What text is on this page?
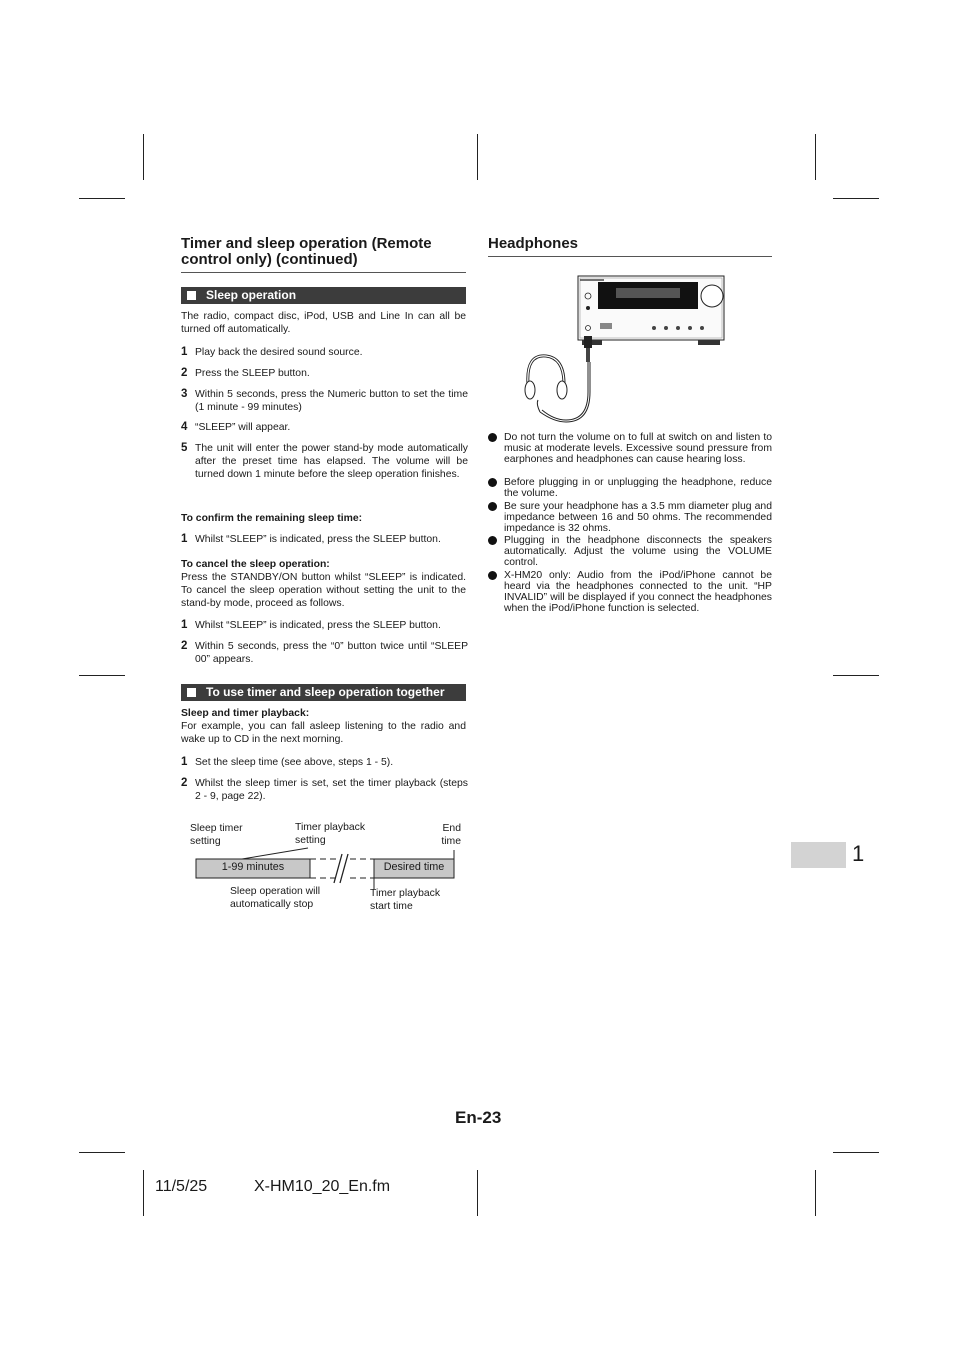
Timer and sleep operation (Remote
control only) (continued)

Sleep operation

The radio, compact disc, iPod, USB and Line In can all be turned off automatically.

1 Play back the desired sound source.
2 Press the SLEEP button.
3 Within 5 seconds, press the Numeric button to set the time (1 minute - 99 minutes)
4 “SLEEP” will appear.
5 The unit will enter the power stand-by mode automatically after the preset time has elapsed. The volume will be turned down 1 minute before the sleep operation finishes.

To confirm the remaining sleep time:

1 Whilst “SLEEP” is indicated, press the SLEEP button.

To cancel the sleep operation:

Press the STANDBY/ON button whilst “SLEEP” is indicated. To cancel the sleep operation without setting the unit to the stand-by mode, proceed as follows.

1 Whilst “SLEEP” is indicated, press the SLEEP button.
2 Within 5 seconds, press the “0” button twice until “SLEEP 00” appears.
To use timer and sleep operation together

Sleep and timer playback:

For example, you can fall asleep listening to the radio and wake up to CD in the next morning.

1 Set the sleep time (see above, steps 1 - 5).
2 Whilst the sleep timer is set, set the timer playback (steps 2 - 9, page 22).
Sleep timer setting
Timer playback setting
End time
1-99 minutes	Desired time
Sleep operation will automatically stop
Timer playback start time

Headphones

Do not turn the volume on to full at switch on and listen to music at moderate levels. Excessive sound pressure from earphones and headphones can cause hearing loss.
Before plugging in or unplugging the headphone, reduce the volume.
Be sure your headphone has a 3.5 mm diameter plug and impedance between 16 and 50 ohms. The recommended impedance is 32 ohms.
Plugging in the headphone disconnects the speakers automatically. Adjust the volume using the VOLUME control.
X-HM20 only: Audio from the iPod/iPhone cannot be heard via the headphones connected to the unit. “HP INVALID” will be displayed if you connect the headphones when the iPod/iPhone function is selected.
1
En-23
11/5/25	X-HM10_20_En.fm
